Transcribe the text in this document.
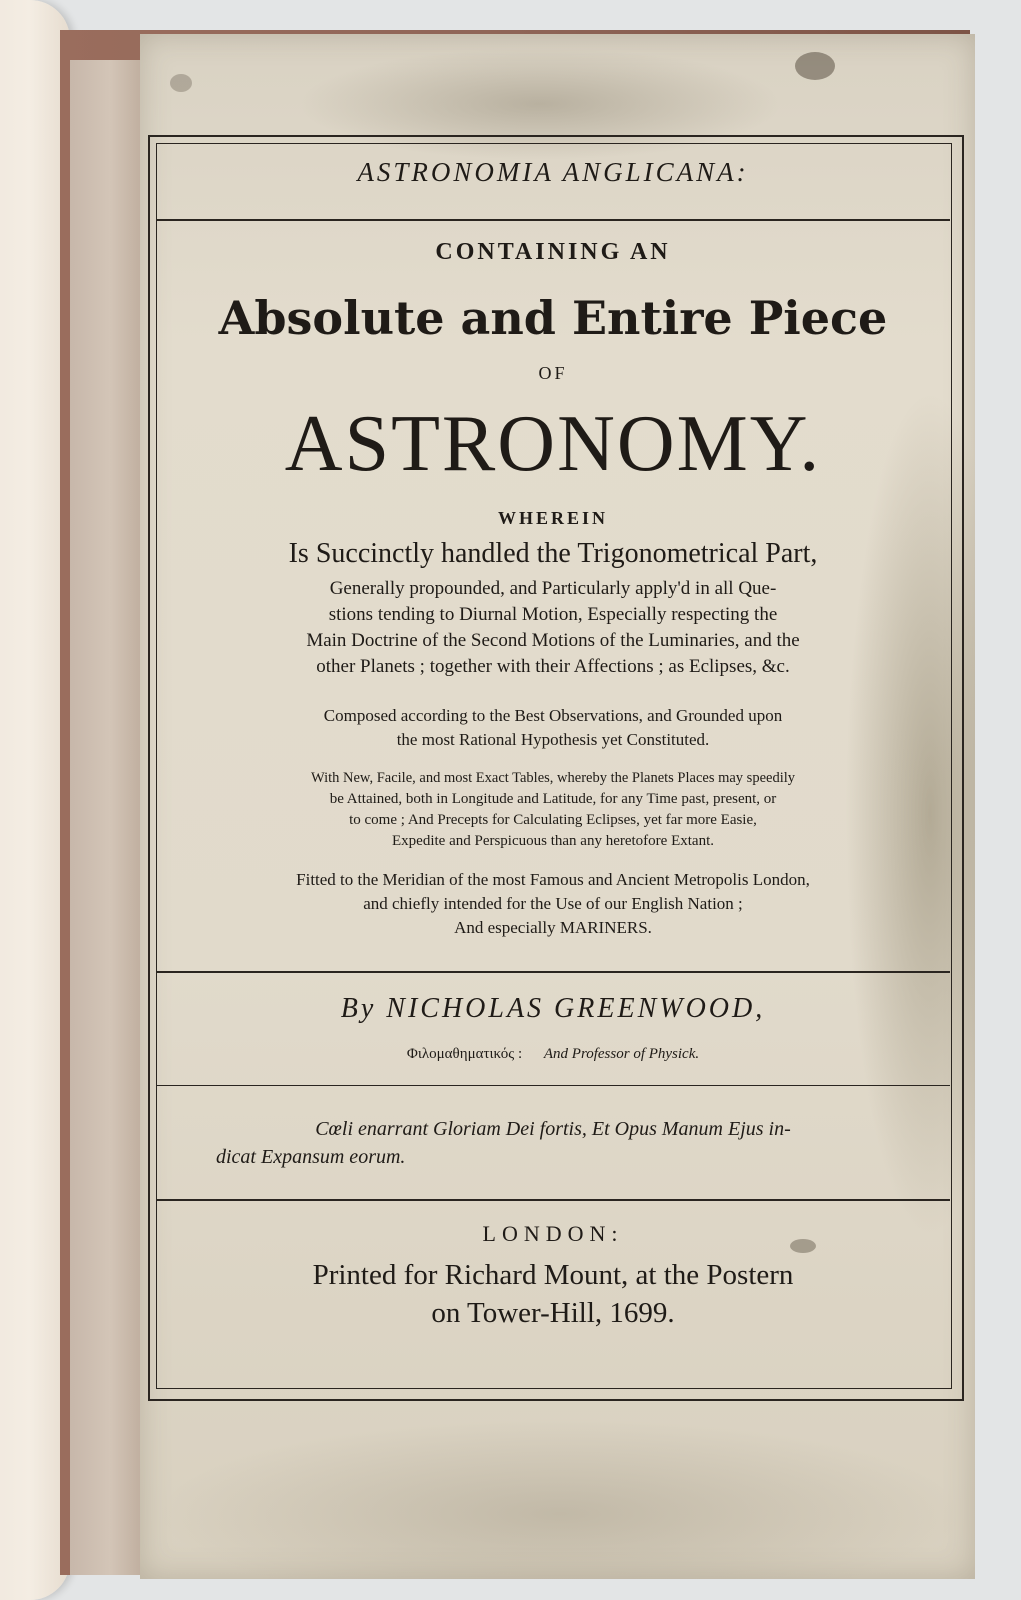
ASTRONOMIA ANGLICANA:
CONTAINING AN
Absolute and Entire Piece
OF
ASTRONOMY.
WHEREIN
Is Succinctly handled the Trigonometrical Part,
Generally propounded, and Particularly apply'd in all Que-
stions tending to Diurnal Motion, Especially respecting the
Main Doctrine of the Second Motions of the Luminaries, and the
other Planets ; together with their Affections ; as Eclipses, &c.
Composed according to the Best Observations, and Grounded upon
the most Rational Hypothesis yet Constituted.
With New, Facile, and most Exact Tables, whereby the Planets Places may speedily
be Attained, both in Longitude and Latitude, for any Time past, present, or
to come ; And Precepts for Calculating Eclipses, yet far more Easie,
Expedite and Perspicuous than any heretofore Extant.
Fitted to the Meridian of the most Famous and Ancient Metropolis London,
and chiefly intended for the Use of our English Nation ;
And especially MARINERS.
By NICHOLAS GREENWOOD,
Φιλομαθηματικός : And Professor of Physick.
Cœli enarrant Gloriam Dei fortis, Et Opus Manum Ejus in-
dicat Expansum eorum.
LONDON:
Printed for Richard Mount, at the Postern
on Tower-Hill, 1699.
